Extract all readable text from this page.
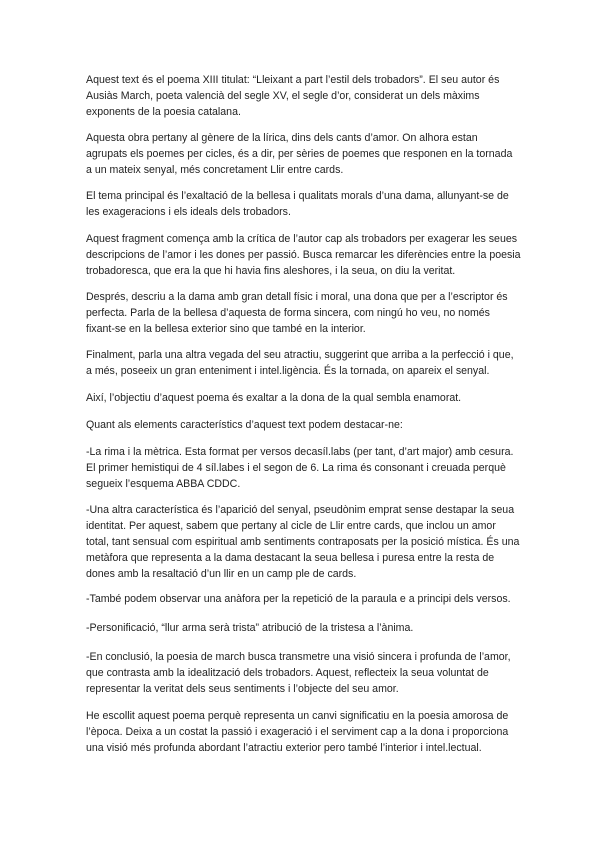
Aquest text és el poema XIII titulat: “Lleixant a part l’estil dels trobadors”. El seu autor és
Ausiàs March, poeta valencià del segle XV, el segle d’or, considerat un dels màxims
exponents de la poesia catalana.

Aquesta obra pertany al gènere de la lírica, dins dels cants d’amor. On alhora estan
agrupats els poemes per cicles, és a dir, per sèries de poemes que responen en la tornada
a un mateix senyal, més concretament Llir entre cards.

El tema principal és l’exaltació de la bellesa i qualitats morals d’una dama, allunyant-se de
les exageracions i els ideals dels trobadors.

Aquest fragment comença amb la crítica de l’autor cap als trobadors per exagerar les seues
descripcions de l’amor i les dones per passió. Busca remarcar les diferències entre la poesia
trobadoresca, que era la que hi havia fins aleshores, i la seua, on diu la veritat.

Després, descriu a la dama amb gran detall físic i moral, una dona que per a l’escriptor és
perfecta. Parla de la bellesa d’aquesta de forma sincera, com ningú ho veu, no només
fixant-se en la bellesa exterior sino que també en la interior.

Finalment, parla una altra vegada del seu atractiu, suggerint que arriba a la perfecció i que,
a més, poseeix un gran enteniment i intel.ligència. És la tornada, on apareix el senyal.

Així, l’objectiu d’aquest poema és exaltar a la dona de la qual sembla enamorat.

Quant als elements característics d’aquest text podem destacar-ne:

-La rima i la mètrica. Esta format per versos decasíl.labs (per tant, d’art major) amb cesura.
El primer hemistiqui de 4 síl.labes i el segon de 6. La rima és consonant i creuada perquè
segueix l’esquema ABBA CDDC.

-Una altra característica és l’aparició del senyal, pseudònim emprat sense destapar la seua
identitat. Per aquest, sabem que pertany al cicle de Llir entre cards, que inclou un amor
total, tant sensual com espiritual amb sentiments contraposats per la posició mística. És una
metàfora que representa a la dama destacant la seua bellesa i puresa entre la resta de
dones amb la resaltació d’un llir en un camp ple de cards.

-També podem observar una anàfora per la repetició de la paraula e a principi dels versos.

-Personificació, “llur arma serà trista” atribució de la tristesa a l’ànima.

-En conclusió, la poesia de march busca transmetre una visió sincera i profunda de l’amor,
que contrasta amb la idealització dels trobadors. Aquest, reflecteix la seua voluntat de
representar la veritat dels seus sentiments i l’objecte del seu amor.

He escollit aquest poema perquè representa un canvi significatiu en la poesia amorosa de
l’època. Deixa a un costat la passió i exageració i el serviment cap a la dona i proporciona
una visió més profunda abordant l’atractiu exterior pero també l’interior i intel.lectual.
